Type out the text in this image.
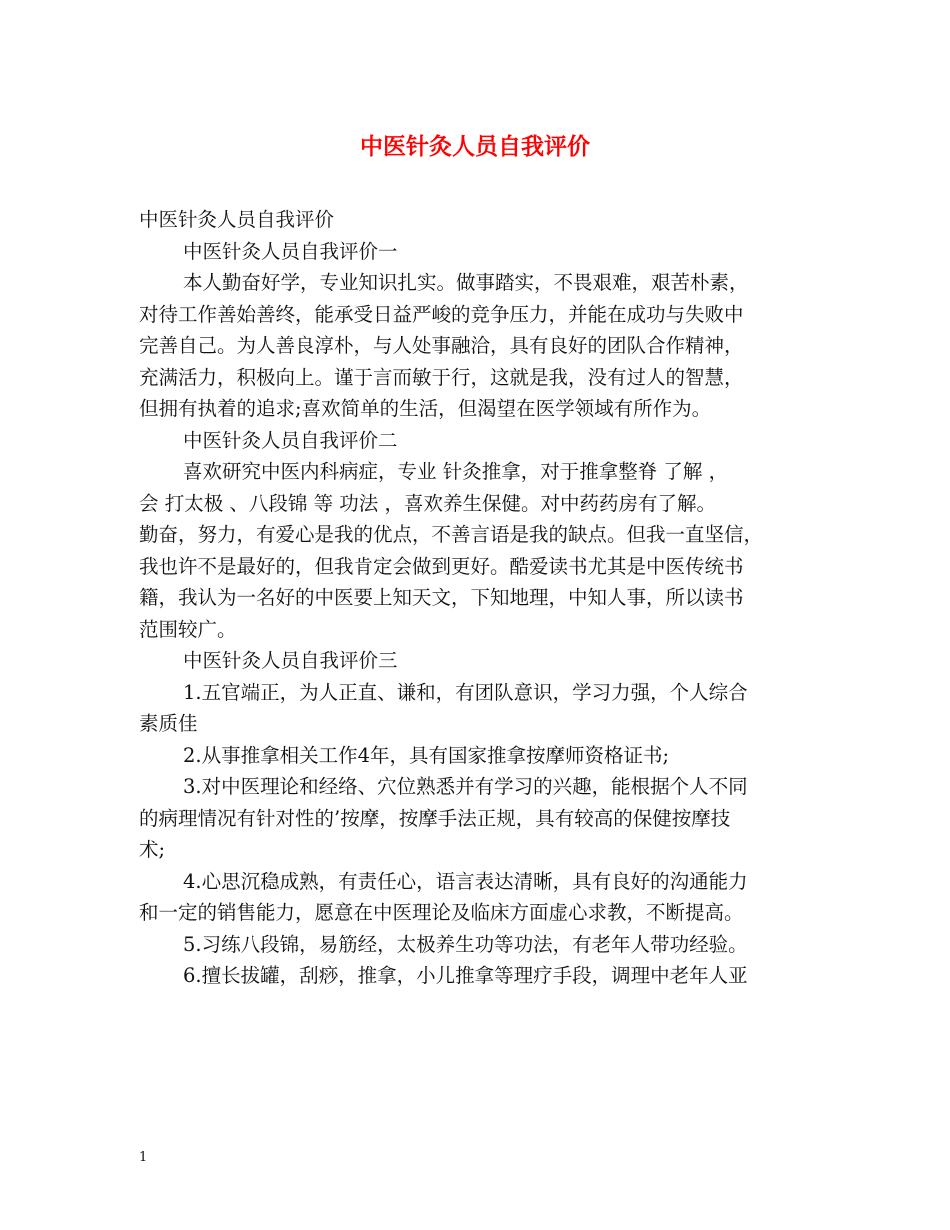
中医针灸人员自我评价
中医针灸人员自我评价
中医针灸人员自我评价一
本人勤奋好学，专业知识扎实。做事踏实，不畏艰难，艰苦朴素，
对待工作善始善终，能承受日益严峻的竞争压力，并能在成功与失败中
完善自己。为人善良淳朴，与人处事融洽，具有良好的团队合作精神，
充满活力，积极向上。谨于言而敏于行，这就是我，没有过人的智慧，
但拥有执着的追求;喜欢简单的生活，但渴望在医学领域有所作为。
中医针灸人员自我评价二
喜欢研究中医内科病症，专业 针灸推拿，对于推拿整脊 了解 ，
会 打太极 、八段锦 等 功法 ，喜欢养生保健。对中药药房有了解。
勤奋，努力，有爱心是我的优点，不善言语是我的缺点。但我一直坚信，
我也许不是最好的，但我肯定会做到更好。酷爱读书尤其是中医传统书
籍，我认为一名好的中医要上知天文，下知地理，中知人事，所以读书
范围较广。
中医针灸人员自我评价三
1.五官端正，为人正直、谦和，有团队意识，学习力强，个人综合
素质佳
2.从事推拿相关工作4年，具有国家推拿按摩师资格证书;
3.对中医理论和经络、穴位熟悉并有学习的兴趣，能根据个人不同
的病理情况有针对性的’按摩，按摩手法正规，具有较高的保健按摩技
术;
4.心思沉稳成熟，有责任心，语言表达清晰，具有良好的沟通能力
和一定的销售能力，愿意在中医理论及临床方面虚心求教，不断提高。
5.习练八段锦，易筋经，太极养生功等功法，有老年人带功经验。
6.擅长拔罐，刮痧，推拿，小儿推拿等理疗手段，调理中老年人亚
1
